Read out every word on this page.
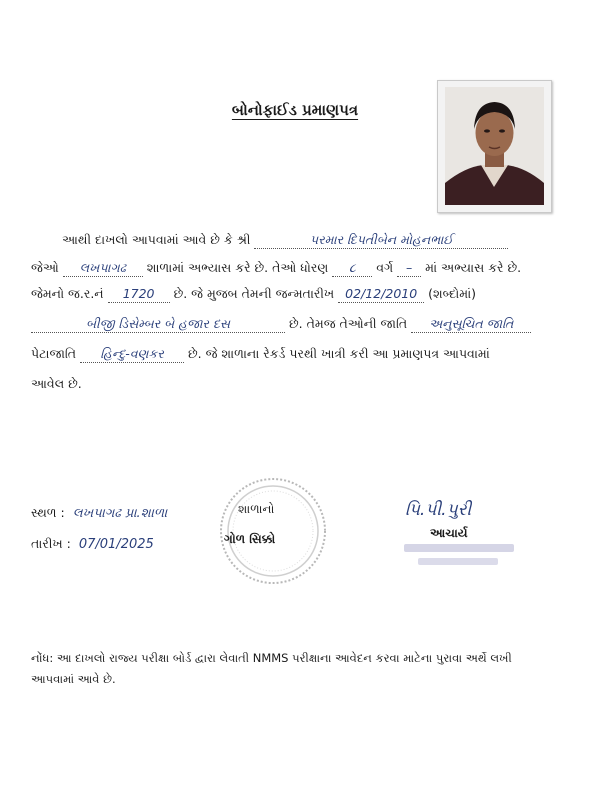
બોનોફાઈડ પ્રમાણપત્ર
આથી દાખલો આપવામાં આવે છે કે શ્રી	પરમાર દિપતીબેન મોહનભાઈ
જેઓ લખપાગઢ શાળામાં અભ્યાસ કરે છે. તેઓ ધોરણ ૮ વર્ગ – માં અભ્યાસ કરે છે.
જેમનો જ.ર.નં 1720 છે. જે મુજબ તેમની જન્મતારીખ 02/12/2010 (શબ્દોમાં)
બીજી ડિસેમ્બર બે હજાર દસ	છે. તેમજ તેઓની જાતિ અનુસૂચિત જાતિ
પેટાજાતિ હિન્દુ-વણકર છે. જે શાળાના રેકર્ડ પરથી ખાત્રી કરી આ પ્રમાણપત્ર આપવામાં
આવેલ છે.
સ્થળ : લખપાગઢ પ્રા.શાળા
તારીખ : 07/01/2025
શાળાનો
ગોળ સિક્કો
પિ.પી.પુરી
આચાર્ય
નોંધ: આ દાખલો રાજ્ય પરીક્ષા બોર્ડ દ્વારા લેવાતી NMMS પરીક્ષાના આવેદન કરવા માટેના પુરાવા અર્થે લખી
આપવામાં આવે છે.
